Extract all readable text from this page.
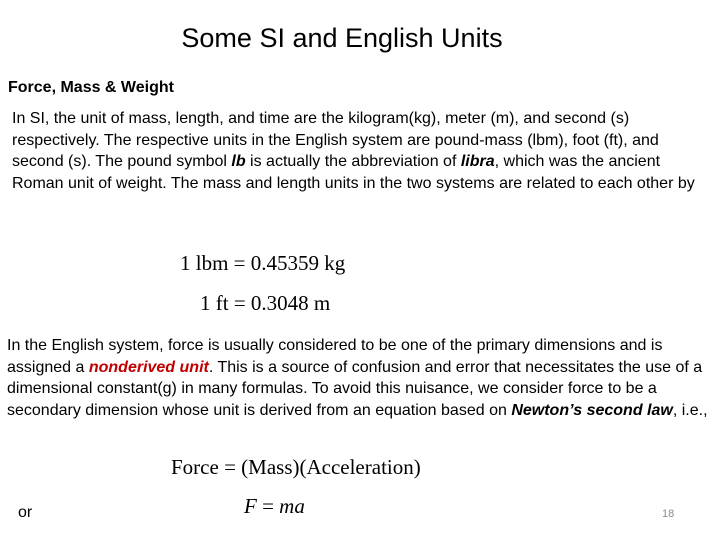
Some SI and English Units
Force, Mass & Weight
In SI, the unit of mass, length, and time are the kilogram(kg), meter (m), and second (s) respectively. The respective units in the English system are pound-mass (lbm), foot (ft), and second (s). The pound symbol lb is actually the abbreviation of libra, which was the ancient Roman unit of weight. The mass and length units in the two systems are related to each other by
1 lbm = 0.45359 kg
1 ft = 0.3048 m
In the English system, force is usually considered to be one of the primary dimensions and is assigned a nonderived unit. This is a source of confusion and error that necessitates the use of a dimensional constant(g) in many formulas. To avoid this nuisance, we consider force to be a secondary dimension whose unit is derived from an equation based on Newton’s second law, i.e.,
Force = (Mass)(Acceleration)
F = ma
or	18
